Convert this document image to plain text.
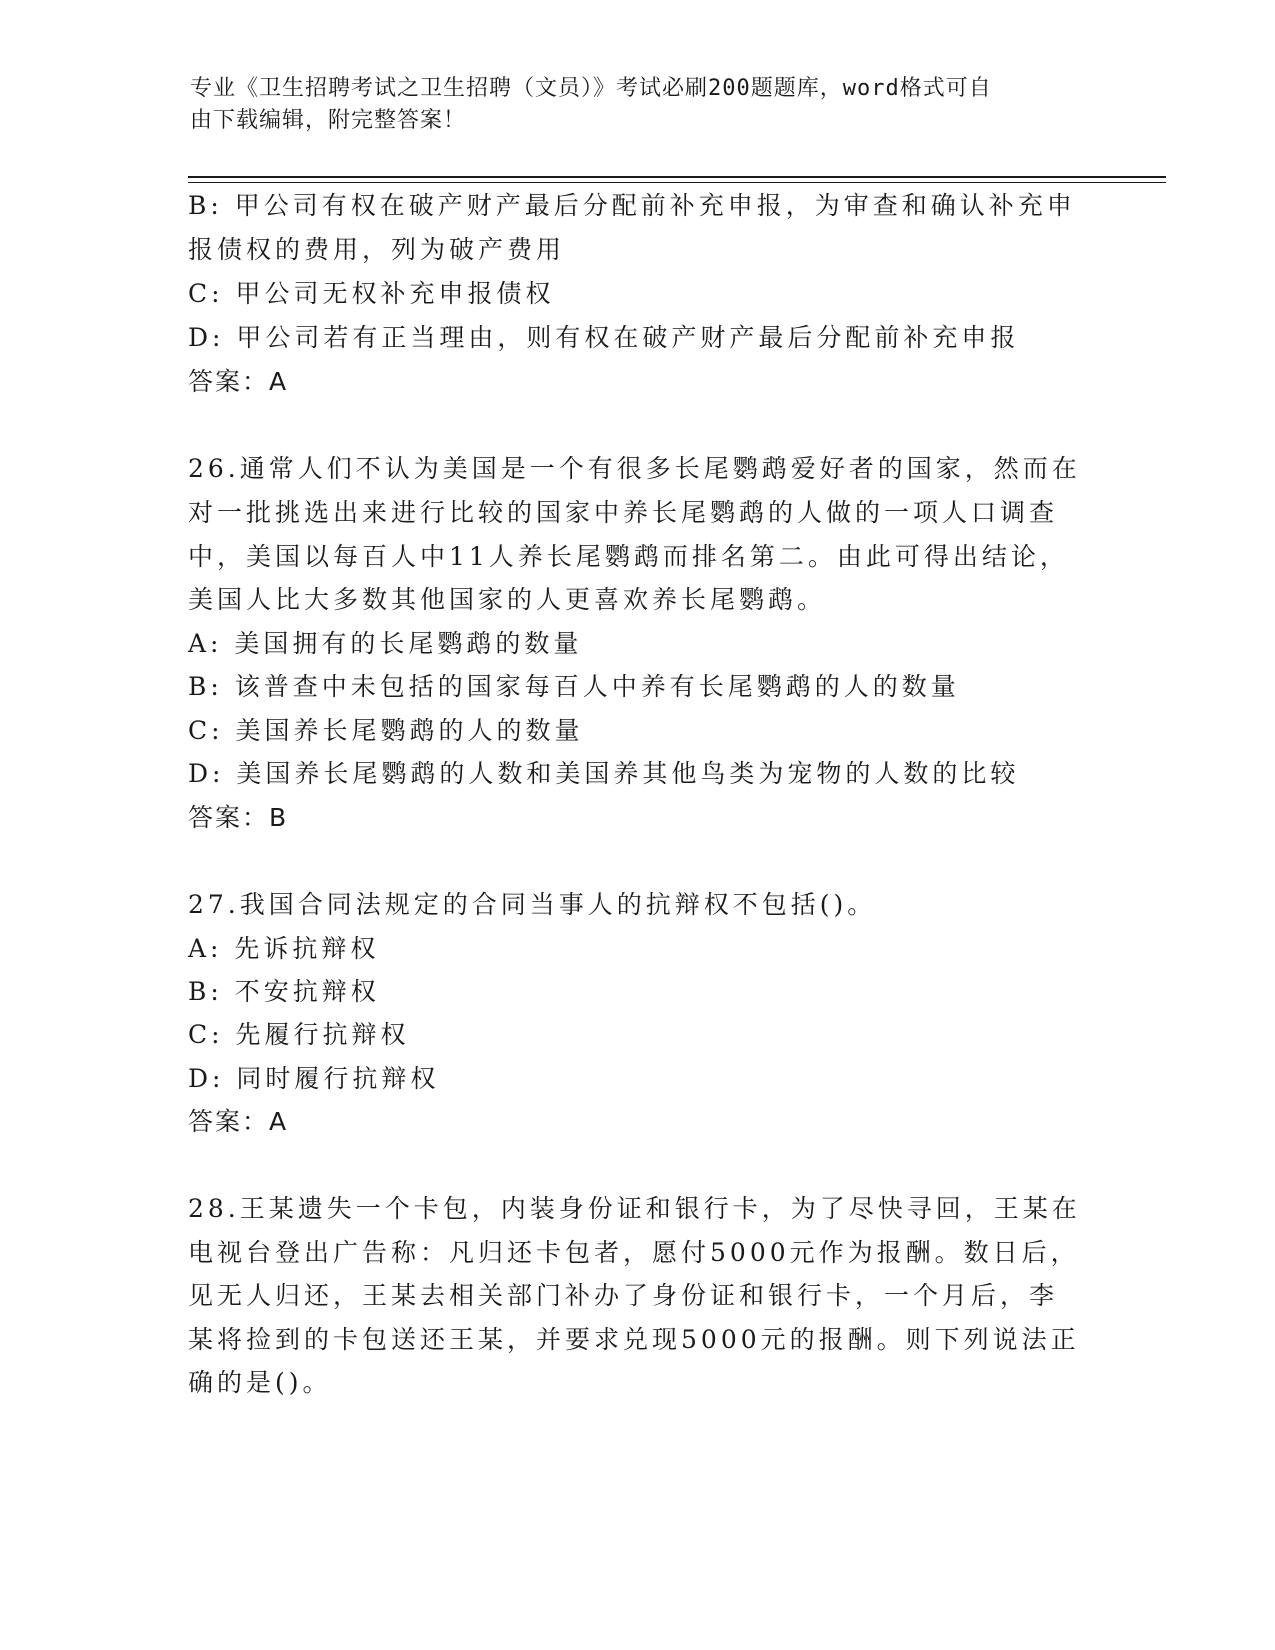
专业《卫生招聘考试之卫生招聘（文员）》考试必刷200题题库，word格式可自
由下载编辑，附完整答案！

B: 甲公司有权在破产财产最后分配前补充申报，为审查和确认补充申

报债权的费用，列为破产费用

C: 甲公司无权补充申报债权

D: 甲公司若有正当理由，则有权在破产财产最后分配前补充申报

答案：A

26.通常人们不认为美国是一个有很多长尾鹦鹉爱好者的国家，然而在

对一批挑选出来进行比较的国家中养长尾鹦鹉的人做的一项人口调查

中，美国以每百人中11人养长尾鹦鹉而排名第二。由此可得出结论，

美国人比大多数其他国家的人更喜欢养长尾鹦鹉。

A: 美国拥有的长尾鹦鹉的数量

B: 该普查中未包括的国家每百人中养有长尾鹦鹉的人的数量

C: 美国养长尾鹦鹉的人的数量

D: 美国养长尾鹦鹉的人数和美国养其他鸟类为宠物的人数的比较

答案：B

27.我国合同法规定的合同当事人的抗辩权不包括()。

A: 先诉抗辩权

B: 不安抗辩权

C: 先履行抗辩权

D: 同时履行抗辩权

答案：A

28.王某遗失一个卡包，内装身份证和银行卡，为了尽快寻回，王某在

电视台登出广告称：凡归还卡包者，愿付5000元作为报酬。数日后，

见无人归还，王某去相关部门补办了身份证和银行卡，一个月后，李

某将捡到的卡包送还王某，并要求兑现5000元的报酬。则下列说法正

确的是()。
